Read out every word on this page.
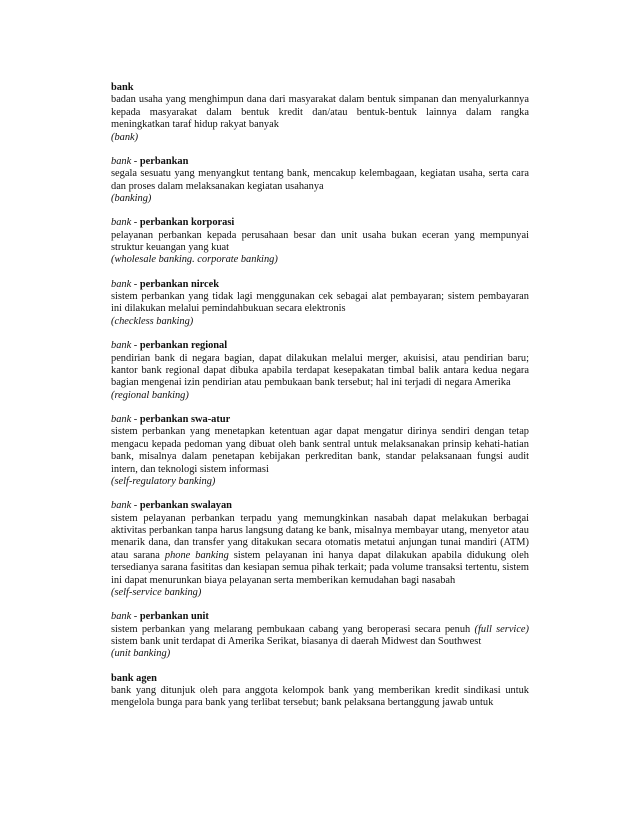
bank
badan usaha yang menghimpun dana dari masyarakat dalam bentuk simpanan dan menyalurkannya kepada masyarakat dalam bentuk kredit dan/atau bentuk-bentuk lainnya dalam rangka meningkatkan taraf hidup rakyat banyak
(bank)
bank - perbankan
segala sesuatu yang menyangkut tentang bank, mencakup kelembagaan, kegiatan usaha, serta cara dan proses dalam melaksanakan kegiatan usahanya
(banking)
bank - perbankan korporasi
pelayanan perbankan kepada perusahaan besar dan unit usaha bukan eceran yang mempunyai struktur keuangan yang kuat
(wholesale banking. corporate banking)
bank - perbankan nircek
sistem perbankan yang tidak lagi menggunakan cek sebagai alat pembayaran; sistem pembayaran ini dilakukan melalui pemindahbukuan secara elektronis
(checkless banking)
bank - perbankan regional
pendirian bank di negara bagian, dapat dilakukan melalui merger, akuisisi, atau pendirian baru; kantor bank regional dapat dibuka apabila terdapat kesepakatan timbal balik antara kedua negara bagian mengenai izin pendirian atau pembukaan bank tersebut; hal ini terjadi di negara Amerika
(regional banking)
bank - perbankan swa-atur
sistem perbankan yang menetapkan ketentuan agar dapat mengatur dirinya sendiri dengan tetap mengacu kepada pedoman yang dibuat oleh bank sentral untuk melaksanakan prinsip kehati-hatian bank, misalnya dalam penetapan kebijakan perkreditan bank, standar pelaksanaan fungsi audit intern, dan teknologi sistem informasi
(self-regulatory banking)
bank - perbankan swalayan
sistem pelayanan perbankan terpadu yang memungkinkan nasabah dapat melakukan berbagai aktivitas perbankan tanpa harus langsung datang ke bank, misalnya membayar utang, menyetor atau menarik dana, dan transfer yang ditakukan secara otomatis metatui anjungan tunai mandiri (ATM) atau sarana phone banking sistem pelayanan ini hanya dapat dilakukan apabila didukung oleh tersedianya sarana fasititas dan kesiapan semua pihak terkait; pada volume transaksi tertentu, sistem ini dapat menurunkan biaya pelayanan serta memberikan kemudahan bagi nasabah
(self-service banking)
bank - perbankan unit
sistem perbankan yang melarang pembukaan cabang yang beroperasi secara penuh (full service) sistem bank unit terdapat di Amerika Serikat, biasanya di daerah Midwest dan Southwest
(unit banking)
bank agen
bank yang ditunjuk oleh para anggota kelompok bank yang memberikan kredit sindikasi untuk mengelola bunga para bank yang terlibat tersebut; bank pelaksana bertanggung jawab untuk
